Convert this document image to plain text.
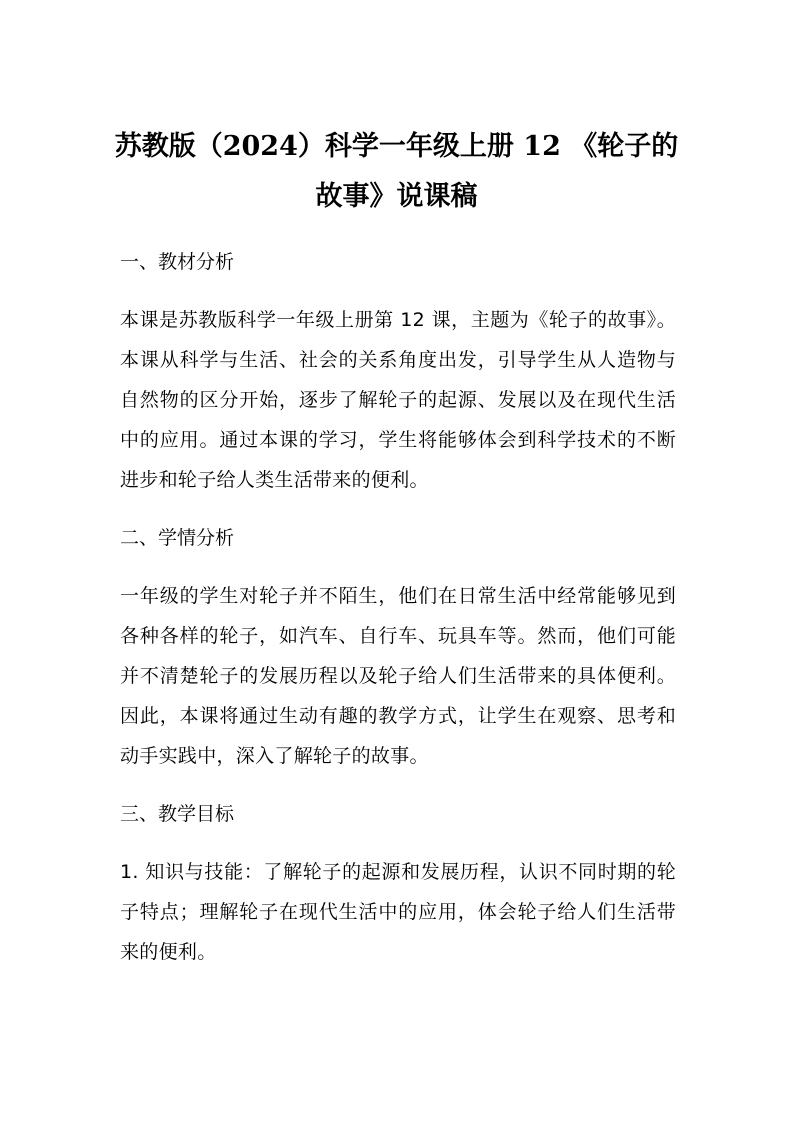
苏教版（2024）科学一年级上册 12 《轮子的故事》说课稿
一、教材分析

本课是苏教版科学一年级上册第 12 课，主题为《轮子的故事》。本课从科学与生活、社会的关系角度出发，引导学生从人造物与自然物的区分开始，逐步了解轮子的起源、发展以及在现代生活中的应用。通过本课的学习，学生将能够体会到科学技术的不断进步和轮子给人类生活带来的便利。

二、学情分析

一年级的学生对轮子并不陌生，他们在日常生活中经常能够见到各种各样的轮子，如汽车、自行车、玩具车等。然而，他们可能并不清楚轮子的发展历程以及轮子给人们生活带来的具体便利。因此，本课将通过生动有趣的教学方式，让学生在观察、思考和动手实践中，深入了解轮子的故事。

三、教学目标

1. 知识与技能：了解轮子的起源和发展历程，认识不同时期的轮子特点；理解轮子在现代生活中的应用，体会轮子给人们生活带来的便利。
